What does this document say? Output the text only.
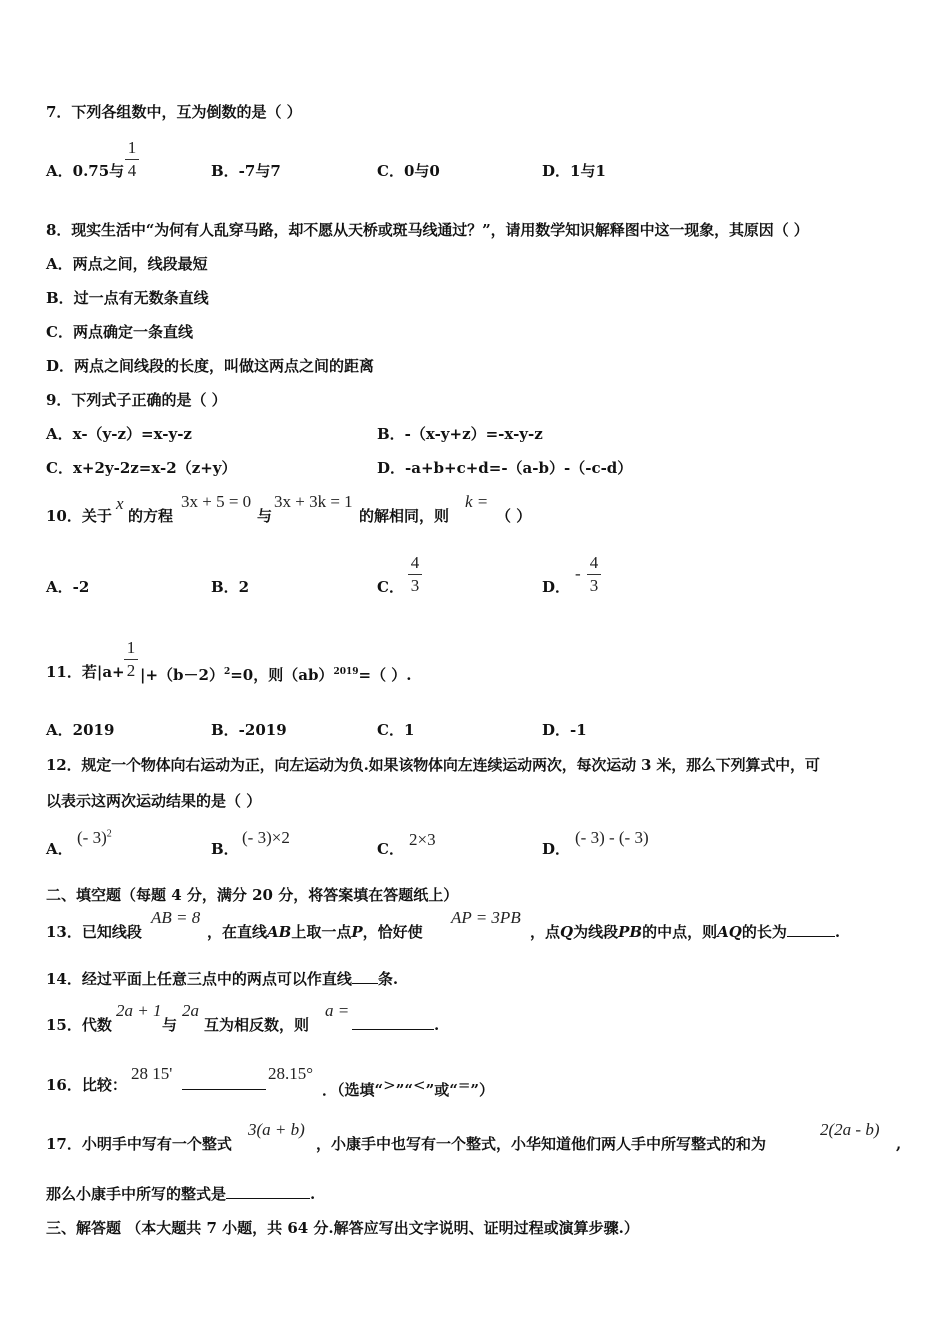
7．下列各组数中，互为倒数的是（ ）
A．0.75与
1
4	B．-7与7	C．0与0	D．1与1
8．现实生活中“为何有人乱穿马路，却不愿从天桥或斑马线通过？”，请用数学知识解释图中这一现象，其原因（ ）
A．两点之间，线段最短
B．过一点有无数条直线
C．两点确定一条直线
D．两点之间线段的长度，叫做这两点之间的距离
9．下列式子正确的是（ ）
A．x-（y-z）=x-y-z	B．-（x-y+z）=-x-y-z
C．x+2y-2z=x-2（z+y）	D．-a+b+c+d=-（a-b）-（-c-d）
10．关于
x
的方程
3x + 5 = 0
与
3x + 3k = 1
的解相同，则
k =
（ ）
A．-2	B．2	C．
4
3	D．
-
4
3
11．若|a+
1
2 $|+(b-2)^2=0$，则（ab）$^{2019}$=（ ）.
A．2019	B．-2019	C．1	D．-1
12．规定一个物体向右运动为正，向左运动为负.如果该物体向左连续运动两次，每次运动 3 米，那么下列算式中，可
以表示这两次运动结果的是（ ）
A．
(- 3)$^2$
B．
(- 3)×2
C． 2×3	D．
(- 3) - (- 3)
二、填空题（每题 4 分，满分 20 分，将答案填在答题纸上）
13．已知线段
AB = 8
，在直线AB上取一点P，恰好使
AP = 3PB
，点Q为线段PB的中点，则AQ的长为	.
14．经过平面上任意三点中的两点可以作直线 条.
15．代数
2a + 1
与
2a
互为相反数，则
a =
.
16．比较：
28 15'	28.15°
．（选填“>”“<”或“=”）
17．小明手中写有一个整式
3(a + b)
，小康手中也写有一个整式，小华知道他们两人手中所写整式的和为
2(2a - b)
,
那么小康手中所写的整式是	.
三、解答题 （本大题共 7 小题，共 64 分.解答应写出文字说明、证明过程或演算步骤.）
